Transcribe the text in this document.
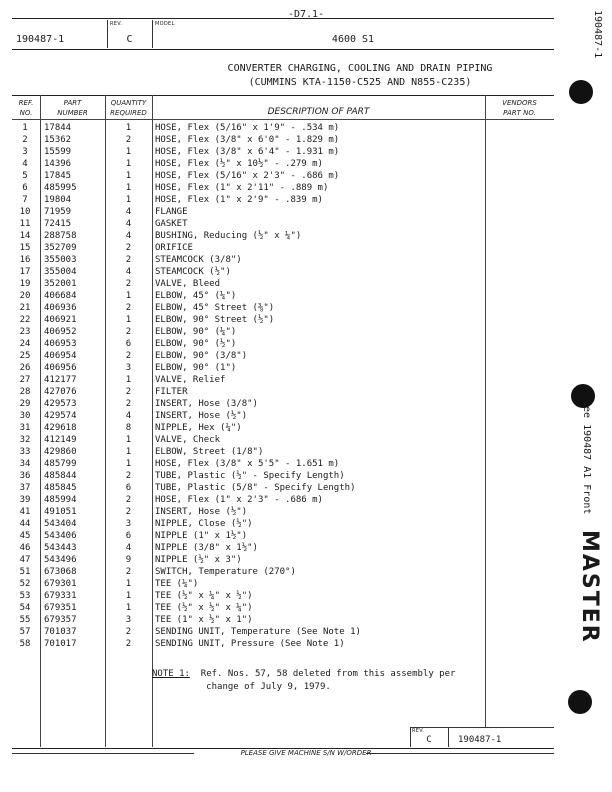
-D7.1-
REV.	MODEL
190487-1	C	4600 S1
CONVERTER CHARGING, COOLING AND DRAIN PIPING
(CUMMINS KTA-1150-C525 AND N855-C235)
REF.
NO.
PART
NUMBER
QUANTITY
REQUIRED	DESCRIPTION OF PART
VENDORS
PART NO.
1	17844	1	HOSE, Flex (5/16" x 1'9" - .534 m)
2	15362	2	HOSE, Flex (3/8" x 6'0" - 1.829 m)
3	15599	1	HOSE, Flex (3/8" x 6'4" - 1.931 m)
4	14396	1	HOSE, Flex (½" x 10½" - .279 m)
5	17845	1	HOSE, Flex (5/16" x 2'3" - .686 m)
6	485995	1	HOSE, Flex (1" x 2'11" - .889 m)
7	19804	1	HOSE, Flex (1" x 2'9" - .839 m)
10	71959	4	FLANGE
11	72415	4	GASKET
14	288758	4	BUSHING, Reducing (½" x ¼")
15	352709	2	ORIFICE
16	355003	2	STEAMCOCK (3/8")
17	355004	4	STEAMCOCK (½")
19	352001	2	VALVE, Bleed
20	406684	1	ELBOW, 45° (¼")
21	406936	2	ELBOW, 45° Street (⅜")
22	406921	1	ELBOW, 90° Street (½")
23	406952	2	ELBOW, 90° (¼")
24	406953	6	ELBOW, 90° (½")
25	406954	2	ELBOW, 90° (3/8")
26	406956	3	ELBOW, 90° (1")
27	412177	1	VALVE, Relief
28	427076	2	FILTER
29	429573	2	INSERT, Hose (3/8")
30	429574	4	INSERT, Hose (½")
31	429618	8	NIPPLE, Hex (¼")
32	412149	1	VALVE, Check
33	429860	1	ELBOW, Street (1/8")
34	485799	1	HOSE, Flex (3/8" x 5'5" - 1.651 m)
36	485844	2	TUBE, Plastic (½" - Specify Length)
37	485845	6	TUBE, Plastic (5/8" - Specify Length)
39	485994	2	HOSE, Flex (1" x 2'3" - .686 m)
41	491051	2	INSERT, Hose (½")
44	543404	3	NIPPLE, Close (½")
45	543406	6	NIPPLE (1" x 1½")
46	543443	4	NIPPLE (3/8" x 1½")
47	543496	9	NIPPLE (½" x 3")
51	673068	2	SWITCH, Temperature (270°)
52	679301	1	TEE (¼")
53	679331	1	TEE (½" x ¼" x ½")
54	679351	1	TEE (½" x ½" x ¼")
55	679357	3	TEE (1" x ½" x 1")
57	701037	2	SENDING UNIT, Temperature (See Note 1)
58	701017	2	SENDING UNIT, Pressure (See Note 1)
NOTE 1:  Ref. Nos. 57, 58 deleted from this assembly per
change of July 9, 1979.
REV.
C	190487-1
PLEASE GIVE MACHINE S/N W/ORDER
190487-1
See 190487 A1 Front
MASTER
